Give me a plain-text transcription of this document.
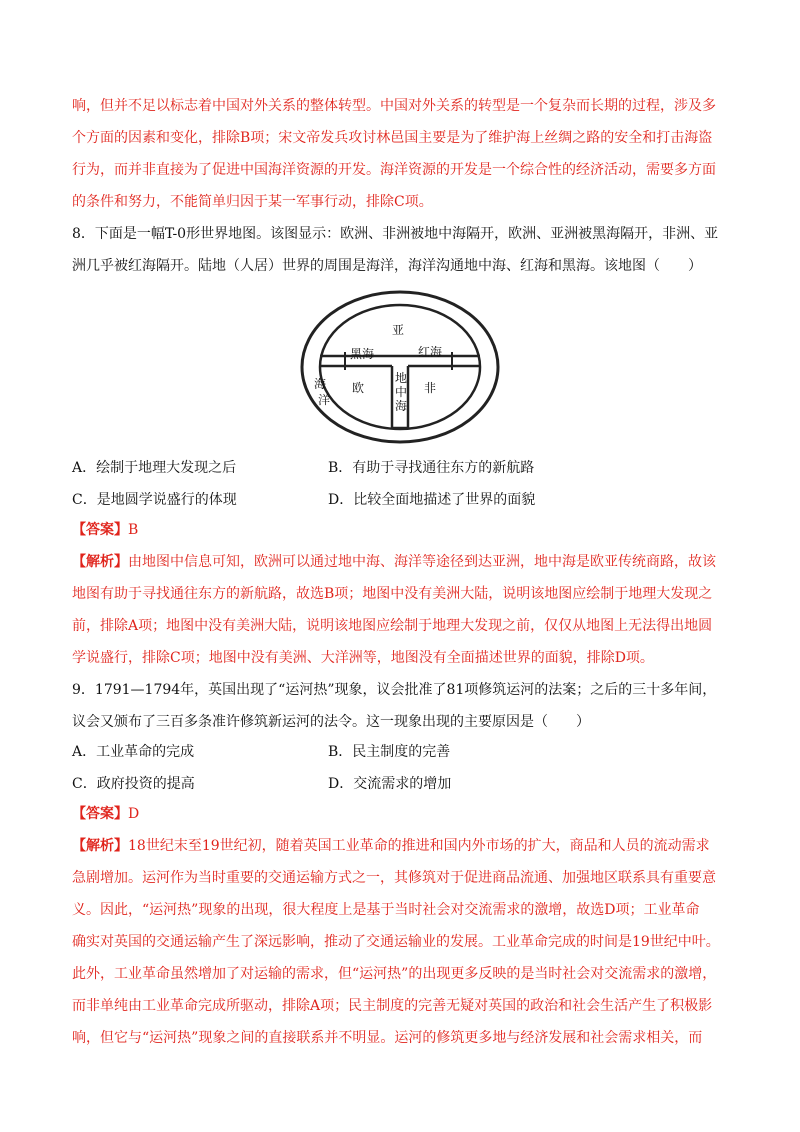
响，但并不足以标志着中国对外关系的整体转型。中国对外关系的转型是一个复杂而长期的过程，涉及多
个方面的因素和变化，排除B项；宋文帝发兵攻讨林邑国主要是为了维护海上丝绸之路的安全和打击海盗
行为，而并非直接为了促进中国海洋资源的开发。海洋资源的开发是一个综合性的经济活动，需要多方面
的条件和努力，不能简单归因于某一军事行动，排除C项。
8．下面是一幅T-0形世界地图。该图显示：欧洲、非洲被地中海隔开，欧洲、亚洲被黑海隔开，非洲、亚
洲几乎被红海隔开。陆地（人居）世界的周围是海洋，海洋沟通地中海、红海和黑海。该地图（　　）
亚
黑海	红海
欧	非
地
中
海
海
洋
A．绘制于地理大发现之后	B．有助于寻找通往东方的新航路
C．是地圆学说盛行的体现	D．比较全面地描述了世界的面貌
【答案】B
【解析】由地图中信息可知，欧洲可以通过地中海、海洋等途径到达亚洲，地中海是欧亚传统商路，故该
地图有助于寻找通往东方的新航路，故选B项；地图中没有美洲大陆，说明该地图应绘制于地理大发现之
前，排除A项；地图中没有美洲大陆，说明该地图应绘制于地理大发现之前，仅仅从地图上无法得出地圆
学说盛行，排除C项；地图中没有美洲、大洋洲等，地图没有全面描述世界的面貌，排除D项。
9．1791—1794年，英国出现了“运河热”现象，议会批准了81项修筑运河的法案；之后的三十多年间，
议会又颁布了三百多条准许修筑新运河的法令。这一现象出现的主要原因是（　　）
A．工业革命的完成	B．民主制度的完善
C．政府投资的提高	D．交流需求的增加
【答案】D
【解析】18世纪末至19世纪初，随着英国工业革命的推进和国内外市场的扩大，商品和人员的流动需求
急剧增加。运河作为当时重要的交通运输方式之一，其修筑对于促进商品流通、加强地区联系具有重要意
义。因此，“运河热”现象的出现，很大程度上是基于当时社会对交流需求的激增，故选D项；工业革命
确实对英国的交通运输产生了深远影响，推动了交通运输业的发展。工业革命完成的时间是19世纪中叶。
此外，工业革命虽然增加了对运输的需求，但“运河热”的出现更多反映的是当时社会对交流需求的激增，
而非单纯由工业革命完成所驱动，排除A项；民主制度的完善无疑对英国的政治和社会生活产生了积极影
响，但它与“运河热”现象之间的直接联系并不明显。运河的修筑更多地与经济发展和社会需求相关，而
